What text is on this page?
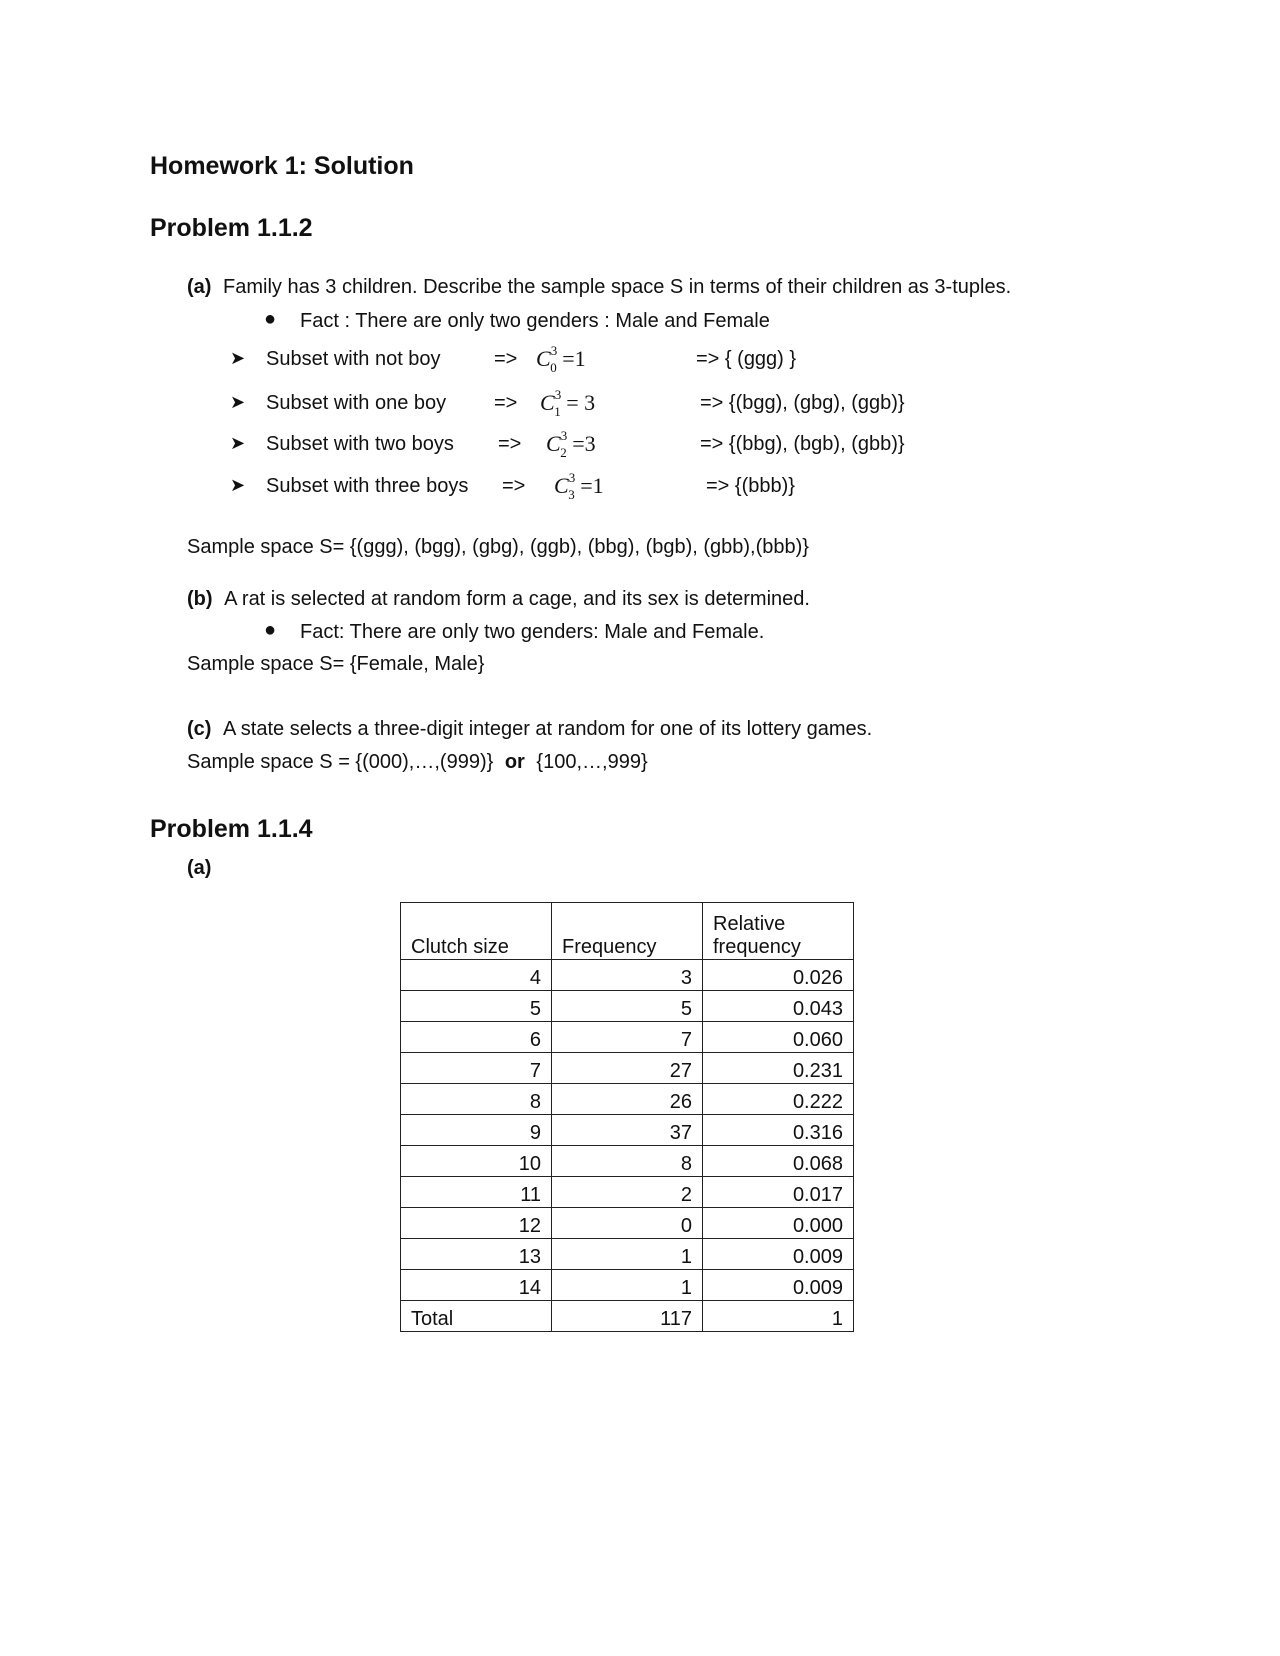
Homework 1: Solution
Problem 1.1.2
(a) Family has 3 children. Describe the sample space S in terms of their children as 3-tuples.
● Fact : There are only two genders : Male and Female
➤ Subset with not boy	=> $C^3_0 =1$	=> { (ggg) }
➤ Subset with one boy => $C^3_1 = 3$	=> {(bgg), (gbg), (ggb)}
➤ Subset with two boys => $C^3_2 =3$	=> {(bbg), (bgb), (gbb)}
➤ Subset with three boys => $C^3_3 =1$	=> {(bbb)}
Sample space S= {(ggg), (bgg), (gbg), (ggb), (bbg), (bgb), (gbb),(bbb)}
(b) A rat is selected at random form a cage, and its sex is determined.
● Fact: There are only two genders: Male and Female.
Sample space S= {Female, Male}
(c) A state selects a three-digit integer at random for one of its lottery games.
Sample space S = {(000),…,(999)} or {100,…,999}
Problem 1.1.4
(a)
Clutch size	Frequency	Relative
frequency
4	3	0.026
5	5	0.043
6	7	0.060
7	27	0.231
8	26	0.222
9	37	0.316
10	8	0.068
11	2	0.017
12	0	0.000
13	1	0.009
14	1	0.009
Total	117	1
